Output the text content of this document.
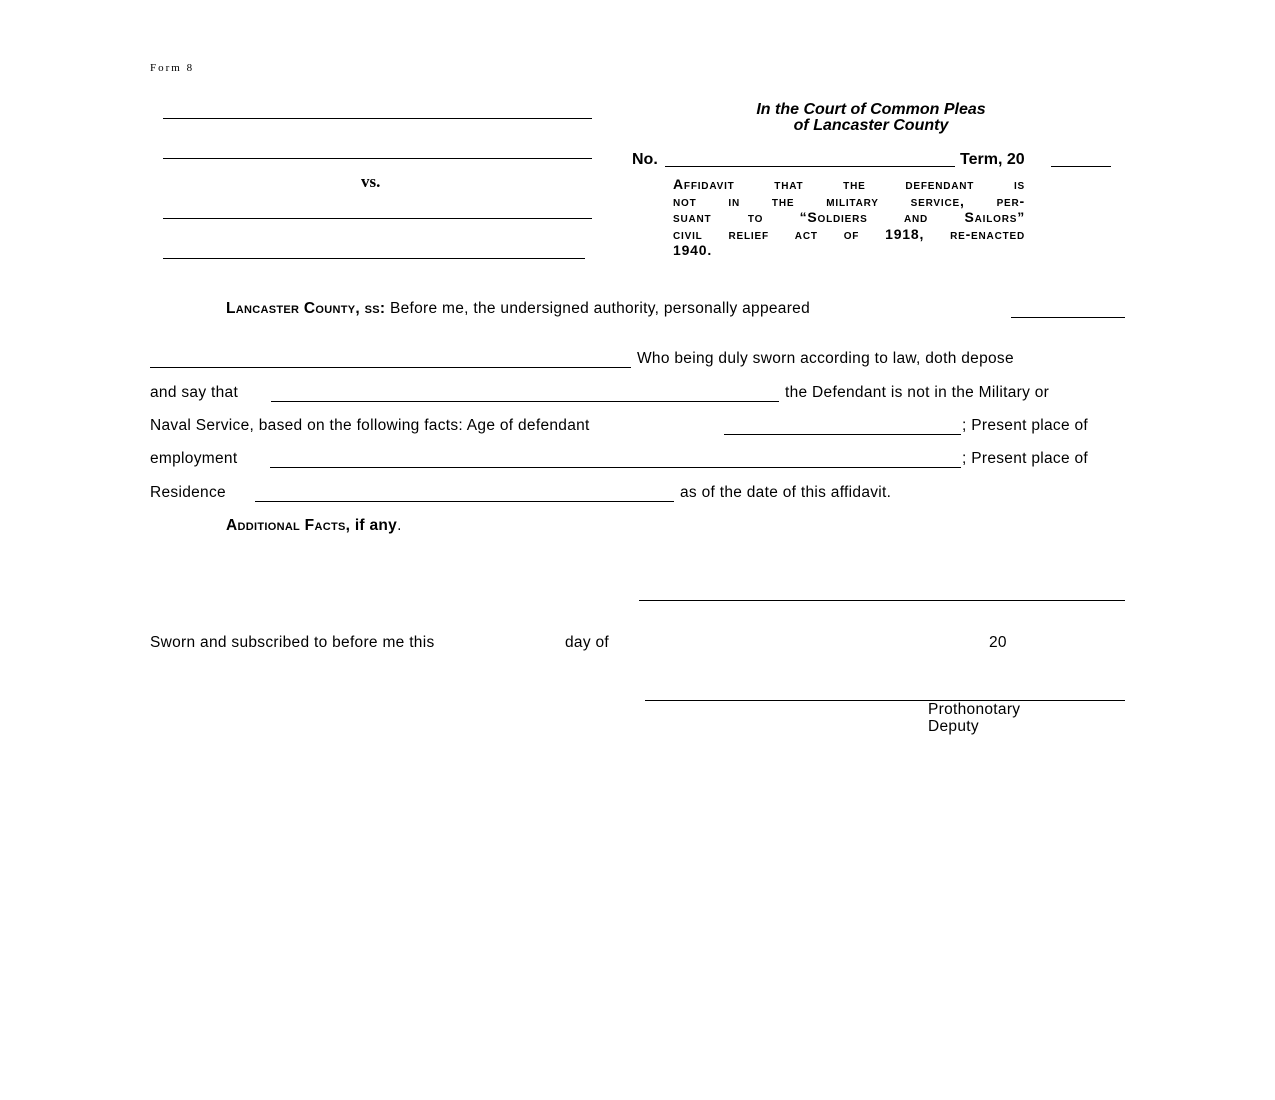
Form 8
vs.
In the Court of Common Pleas
of Lancaster County
No.	Term, 20
Affidavit that the defendant is
not in the military service, per-
suant to “Soldiers and Sailors”
civil relief act of 1918, re-enacted
1940.
Lancaster County, ss: Before me, the undersigned authority, personally appeared
Who being duly sworn according to law, doth depose
and say that	the Defendant is not in the Military or
Naval Service, based on the following facts: Age of defendant	; Present place of
employment	; Present place of
Residence	as of the date of this affidavit.
Additional Facts, if any.
Sworn and subscribed to before me this	day of	20
Prothonotary
Deputy
